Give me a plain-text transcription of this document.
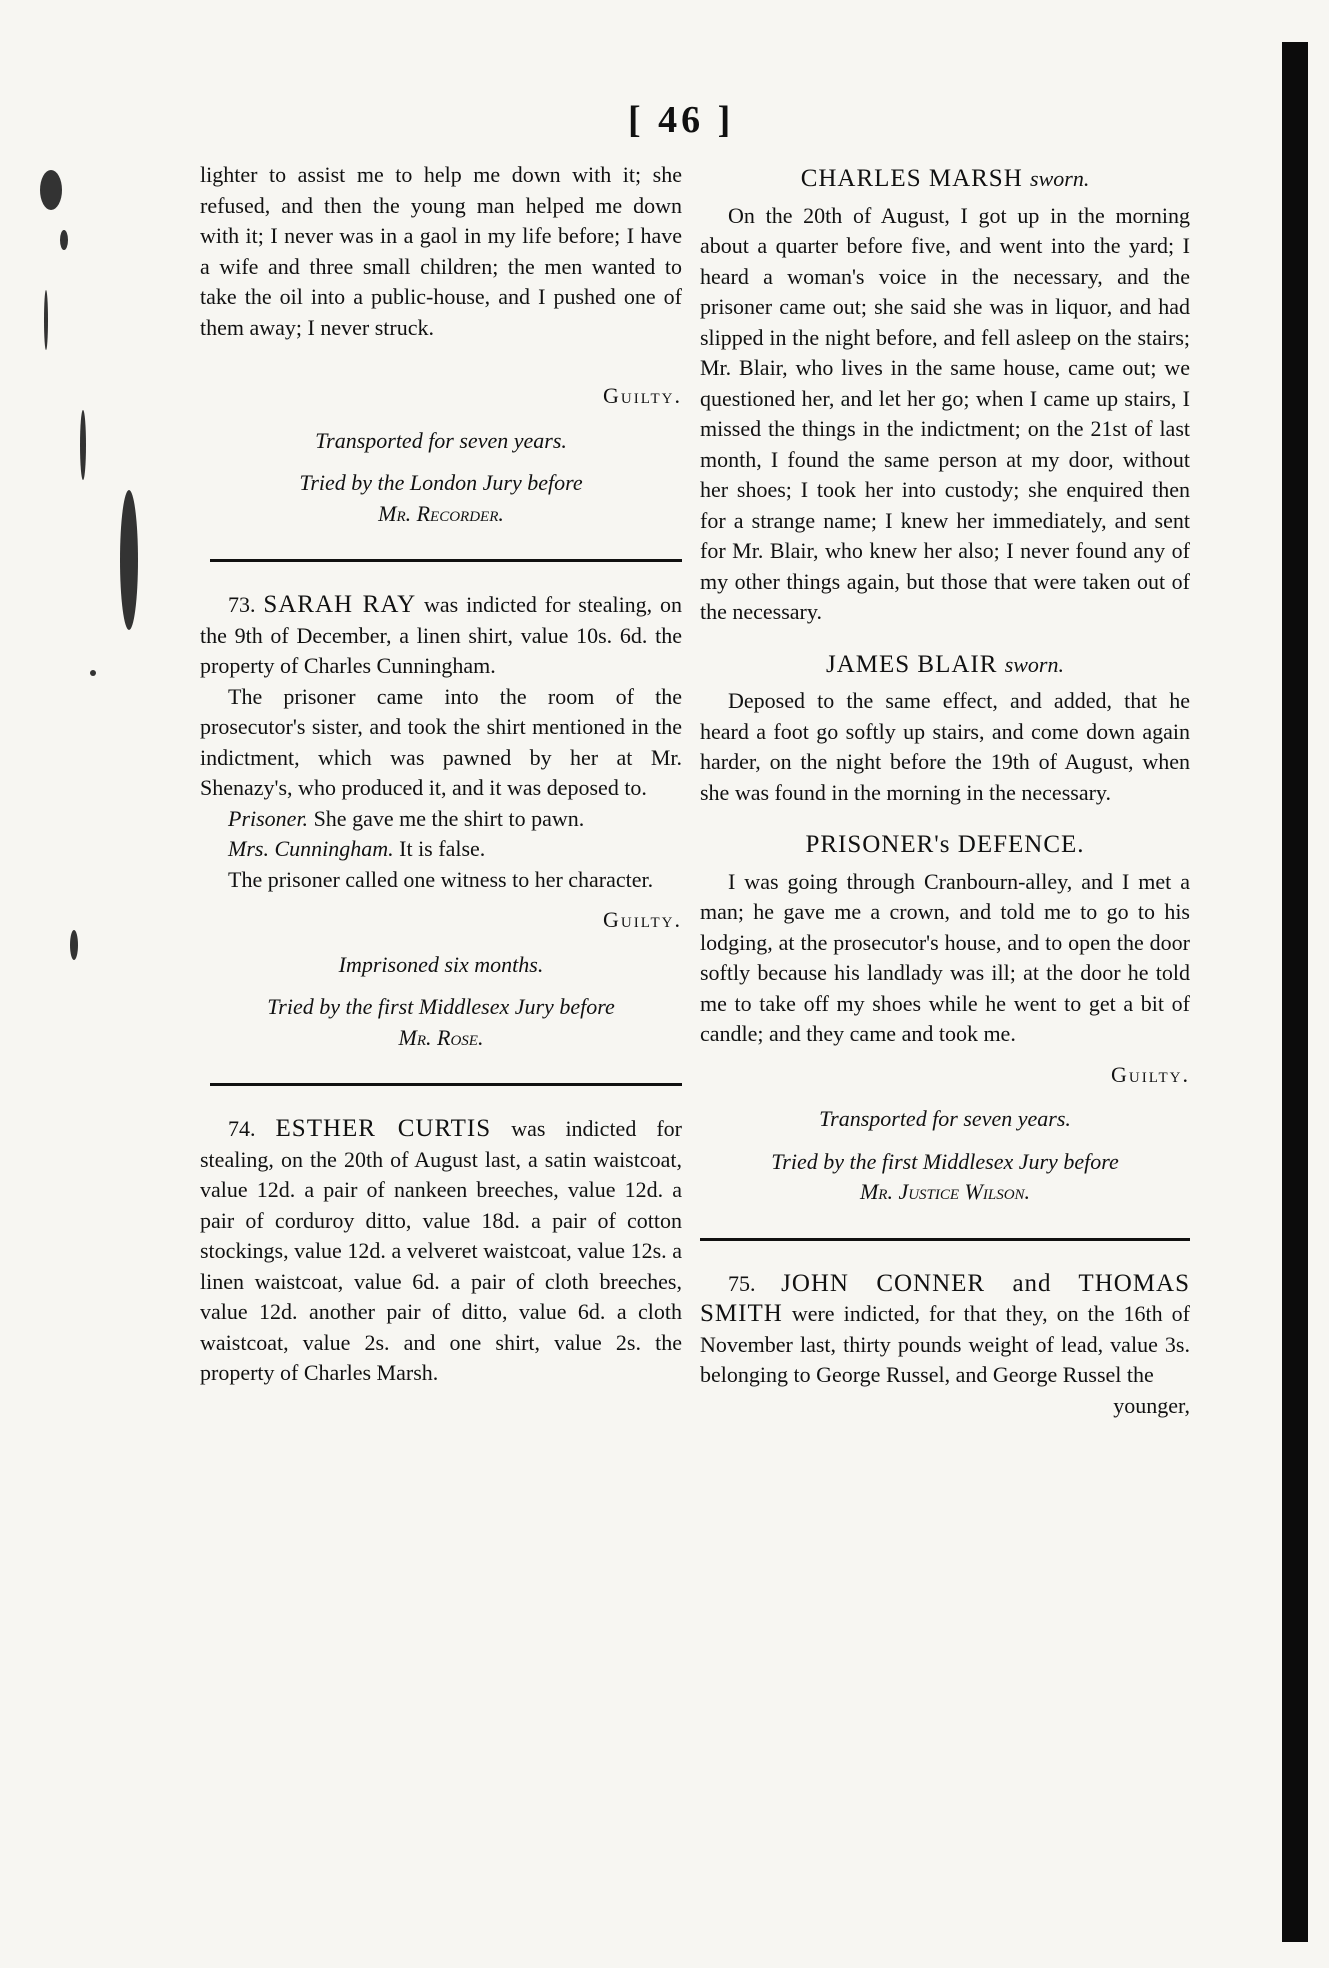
[ 46 ]

lighter to assist me to help me down with it; she refused, and then the young man helped me down with it; I never was in a gaol in my life before; I have a wife and three small children; the men wanted to take the oil into a public-house, and I pushed one of them away; I never struck.

Guilty.

Transported for seven years.

Tried by the London Jury before
Mr. Recorder.

73. SARAH RAY was indicted for stealing, on the 9th of December, a linen shirt, value 10s. 6d. the property of Charles Cunningham.

The prisoner came into the room of the prosecutor's sister, and took the shirt mentioned in the indictment, which was pawned by her at Mr. Shenazy's, who produced it, and it was deposed to.

Prisoner. She gave me the shirt to pawn.

Mrs. Cunningham. It is false.

The prisoner called one witness to her character.

Guilty.

Imprisoned six months.

Tried by the first Middlesex Jury before
Mr. Rose.

74. ESTHER CURTIS was indicted for stealing, on the 20th of August last, a satin waistcoat, value 12d. a pair of nankeen breeches, value 12d. a pair of corduroy ditto, value 18d. a pair of cotton stockings, value 12d. a velveret waistcoat, value 12s. a linen waistcoat, value 6d. a pair of cloth breeches, value 12d. another pair of ditto, value 6d. a cloth waistcoat, value 2s. and one shirt, value 2s. the property of Charles Marsh.

CHARLES MARSH sworn.

On the 20th of August, I got up in the morning about a quarter before five, and went into the yard; I heard a woman's voice in the necessary, and the prisoner came out; she said she was in liquor, and had slipped in the night before, and fell asleep on the stairs; Mr. Blair, who lives in the same house, came out; we questioned her, and let her go; when I came up stairs, I missed the things in the indictment; on the 21st of last month, I found the same person at my door, without her shoes; I took her into custody; she enquired then for a strange name; I knew her immediately, and sent for Mr. Blair, who knew her also; I never found any of my other things again, but those that were taken out of the necessary.

JAMES BLAIR sworn.

Deposed to the same effect, and added, that he heard a foot go softly up stairs, and come down again harder, on the night before the 19th of August, when she was found in the morning in the necessary.

PRISONER's DEFENCE.

I was going through Cranbourn-alley, and I met a man; he gave me a crown, and told me to go to his lodging, at the prosecutor's house, and to open the door softly because his landlady was ill; at the door he told me to take off my shoes while he went to get a bit of candle; and they came and took me.

Guilty.

Transported for seven years.

Tried by the first Middlesex Jury before
Mr. Justice Wilson.

75. JOHN CONNER and THOMAS SMITH were indicted, for that they, on the 16th of November last, thirty pounds weight of lead, value 3s. belonging to George Russel, and George Russel the

younger,
